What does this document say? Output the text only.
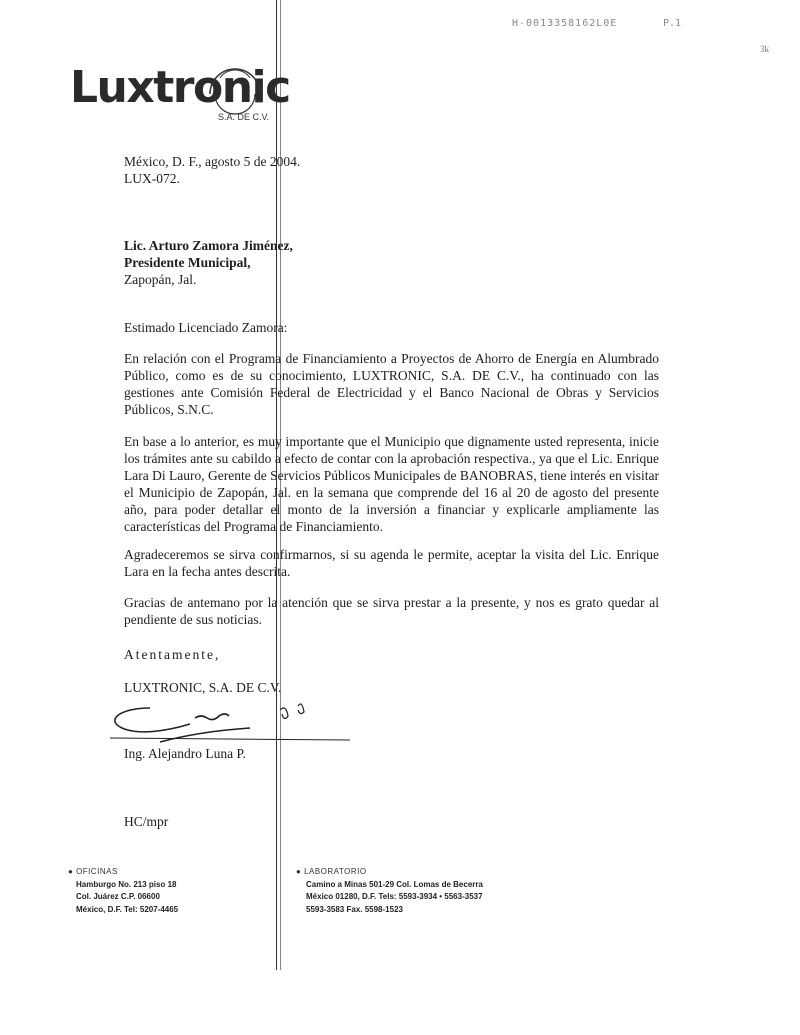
H-0013358162L0E	P.1
3k
Luxtronic
S.A. DE C.V.
México, D. F., agosto 5 de 2004.
LUX-072.
Lic. Arturo Zamora Jiménez,
Presidente Municipal,
Zapopán, Jal.
Estimado Licenciado Zamora:
En relación con el Programa de Financiamiento a Proyectos de Ahorro de Energía en Alumbrado Público, como es de su conocimiento, LUXTRONIC, S.A. DE C.V., ha continuado con las gestiones ante Comisión Federal de Electricidad y el Banco Nacional de Obras y Servicios Públicos, S.N.C.
En base a lo anterior, es muy importante que el Municipio que dignamente usted representa, inicie los trámites ante su cabildo a efecto de contar con la aprobación respectiva., ya que el Lic. Enrique Lara Di Lauro, Gerente de Servicios Públicos Municipales de BANOBRAS, tiene interés en visitar el Municipio de Zapopán, Jal. en la semana que comprende del 16 al 20 de agosto del presente año, para poder detallar el monto de la inversión a financiar y explicarle ampliamente las características del Programa de Financiamiento.
Agradeceremos se sirva confirmarnos, si su agenda le permite, aceptar la visita del Lic. Enrique Lara en la fecha antes descrita.
Gracias de antemano por la atención que se sirva prestar a la presente, y nos es grato quedar al pendiente de sus noticias.
Atentamente,
LUXTRONIC, S.A. DE C.V.
Ing. Alejandro Luna P.
HC/mpr
● OFICINAS
Hamburgo No. 213 piso 18
Col. Juárez C.P. 06600
México, D.F. Tel: 5207-4465
● LABORATORIO
Camino a Minas 501-29 Col. Lomas de Becerra
México 01280, D.F. Tels: 5593-3934 • 5563-3537
5593-3583 Fax. 5598-1523
